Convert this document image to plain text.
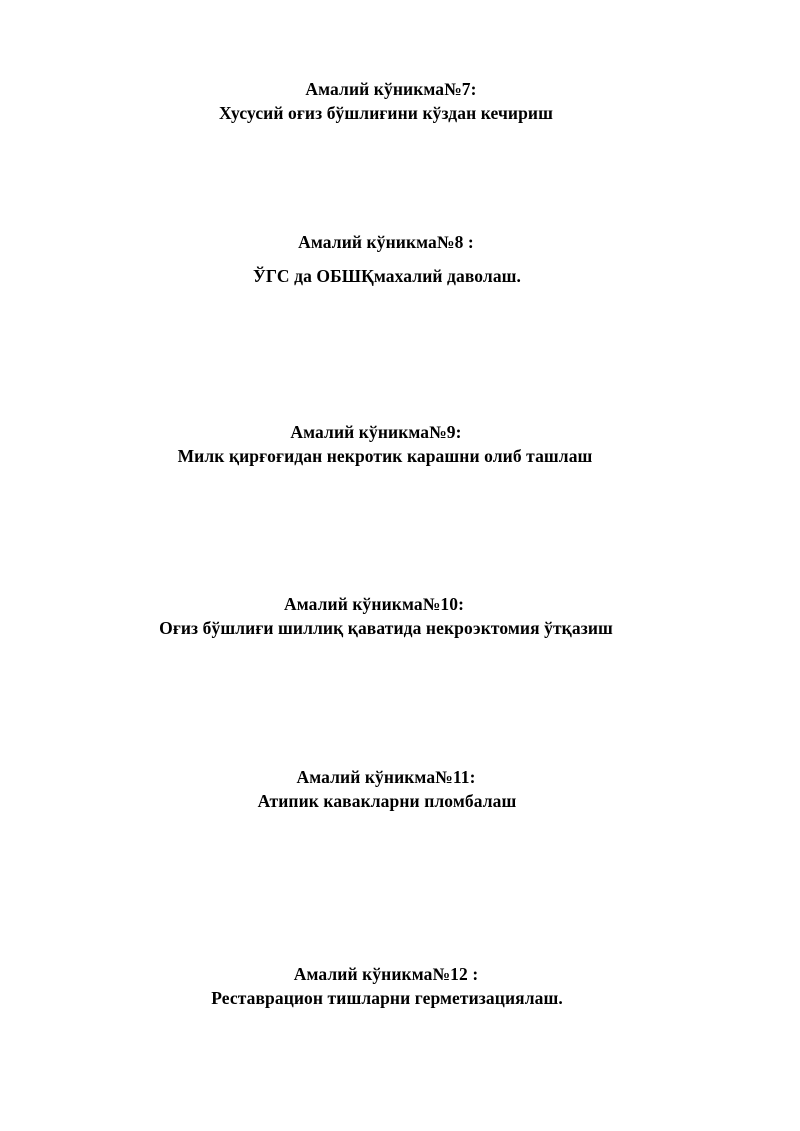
Амалий кўникма№7:
Хусусий оғиз бўшлиғини кўздан кечириш
Амалий кўникма№8 :
ЎГС да ОБШҚмахалий даволаш.
Амалий кўникма№9:
Милк қирғоғидан некротик карашни олиб ташлаш
Амалий кўникма№10:
Оғиз бўшлиғи шиллиқ қаватида некроэктомия ўтқазиш
Амалий кўникма№11:
Атипик кавакларни пломбалаш
Амалий кўникма№12 :
Реставрацион тишларни герметизациялаш.
